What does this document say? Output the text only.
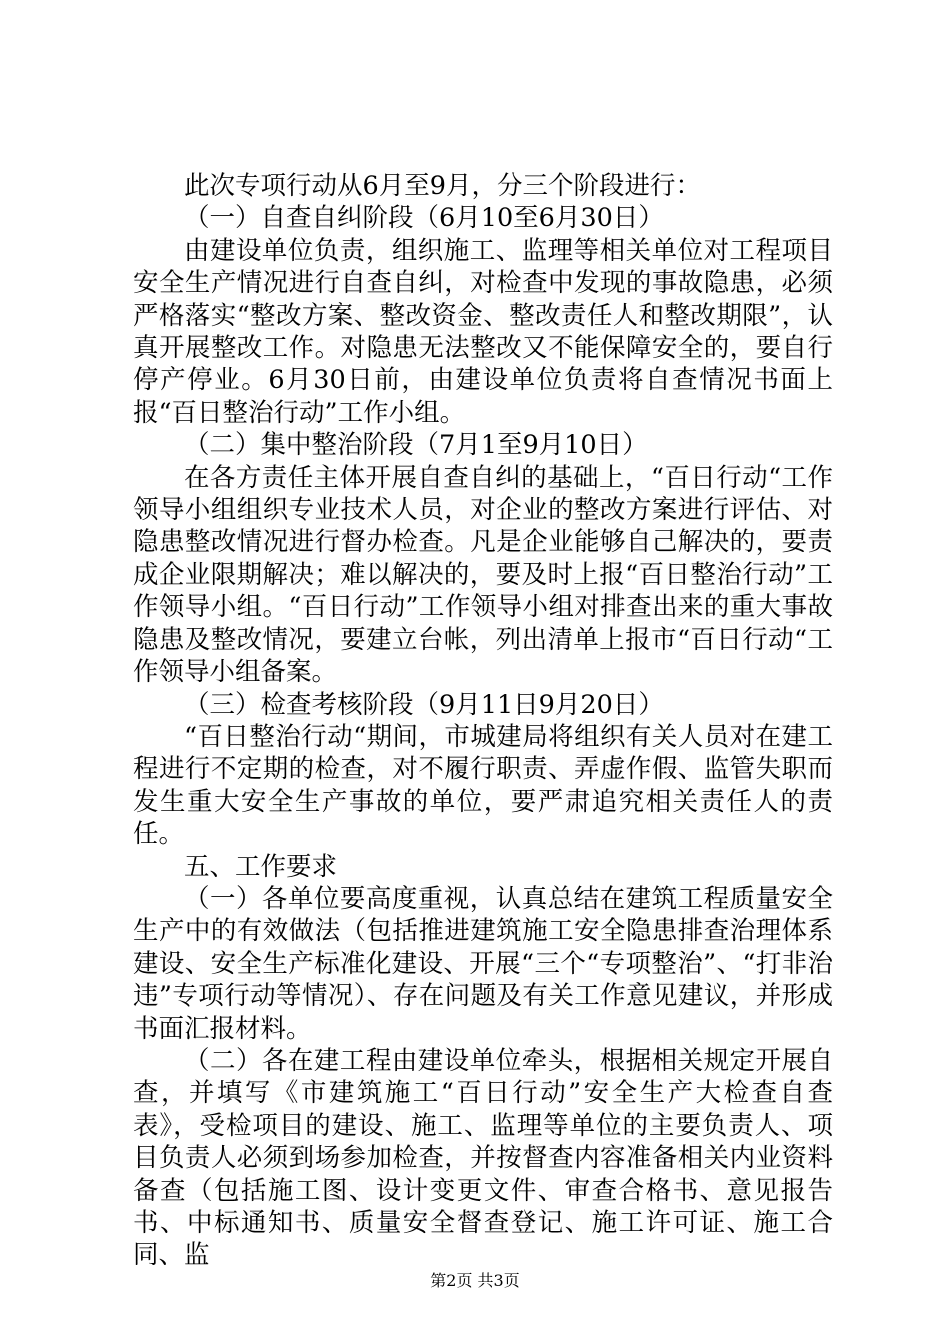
此次专项行动从6月至9月，分三个阶段进行：

（一）自查自纠阶段（6月10至6月30日）

由建设单位负责，组织施工、监理等相关单位对工程项目安全生产情况进行自查自纠，对检查中发现的事故隐患，必须严格落实“整改方案、整改资金、整改责任人和整改期限”，认真开展整改工作。对隐患无法整改又不能保障安全的，要自行停产停业。6月30日前，由建设单位负责将自查情况书面上报“百日整治行动”工作小组。

（二）集中整治阶段（7月1至9月10日）

在各方责任主体开展自查自纠的基础上，“百日行动“工作领导小组组织专业技术人员，对企业的整改方案进行评估、对隐患整改情况进行督办检查。凡是企业能够自己解决的，要责成企业限期解决；难以解决的，要及时上报“百日整治行动”工作领导小组。“百日行动”工作领导小组对排查出来的重大事故隐患及整改情况，要建立台帐，列出清单上报市“百日行动“工作领导小组备案。

（三）检查考核阶段（9月11日9月20日）

“百日整治行动“期间，市城建局将组织有关人员对在建工程进行不定期的检查，对不履行职责、弄虚作假、监管失职而发生重大安全生产事故的单位，要严肃追究相关责任人的责任。

五、工作要求

（一）各单位要高度重视，认真总结在建筑工程质量安全生产中的有效做法（包括推进建筑施工安全隐患排查治理体系建设、安全生产标准化建设、开展“三个“专项整治”、“打非治违”专项行动等情况）、存在问题及有关工作意见建议，并形成书面汇报材料。

（二）各在建工程由建设单位牵头，根据相关规定开展自查，并填写《市建筑施工“百日行动”安全生产大检查自查表》，受检项目的建设、施工、监理等单位的主要负责人、项目负责人必须到场参加检查，并按督查内容准备相关内业资料备查（包括施工图、设计变更文件、审查合格书、意见报告书、中标通知书、质量安全督查登记、施工许可证、施工合同、监

第2页 共3页
